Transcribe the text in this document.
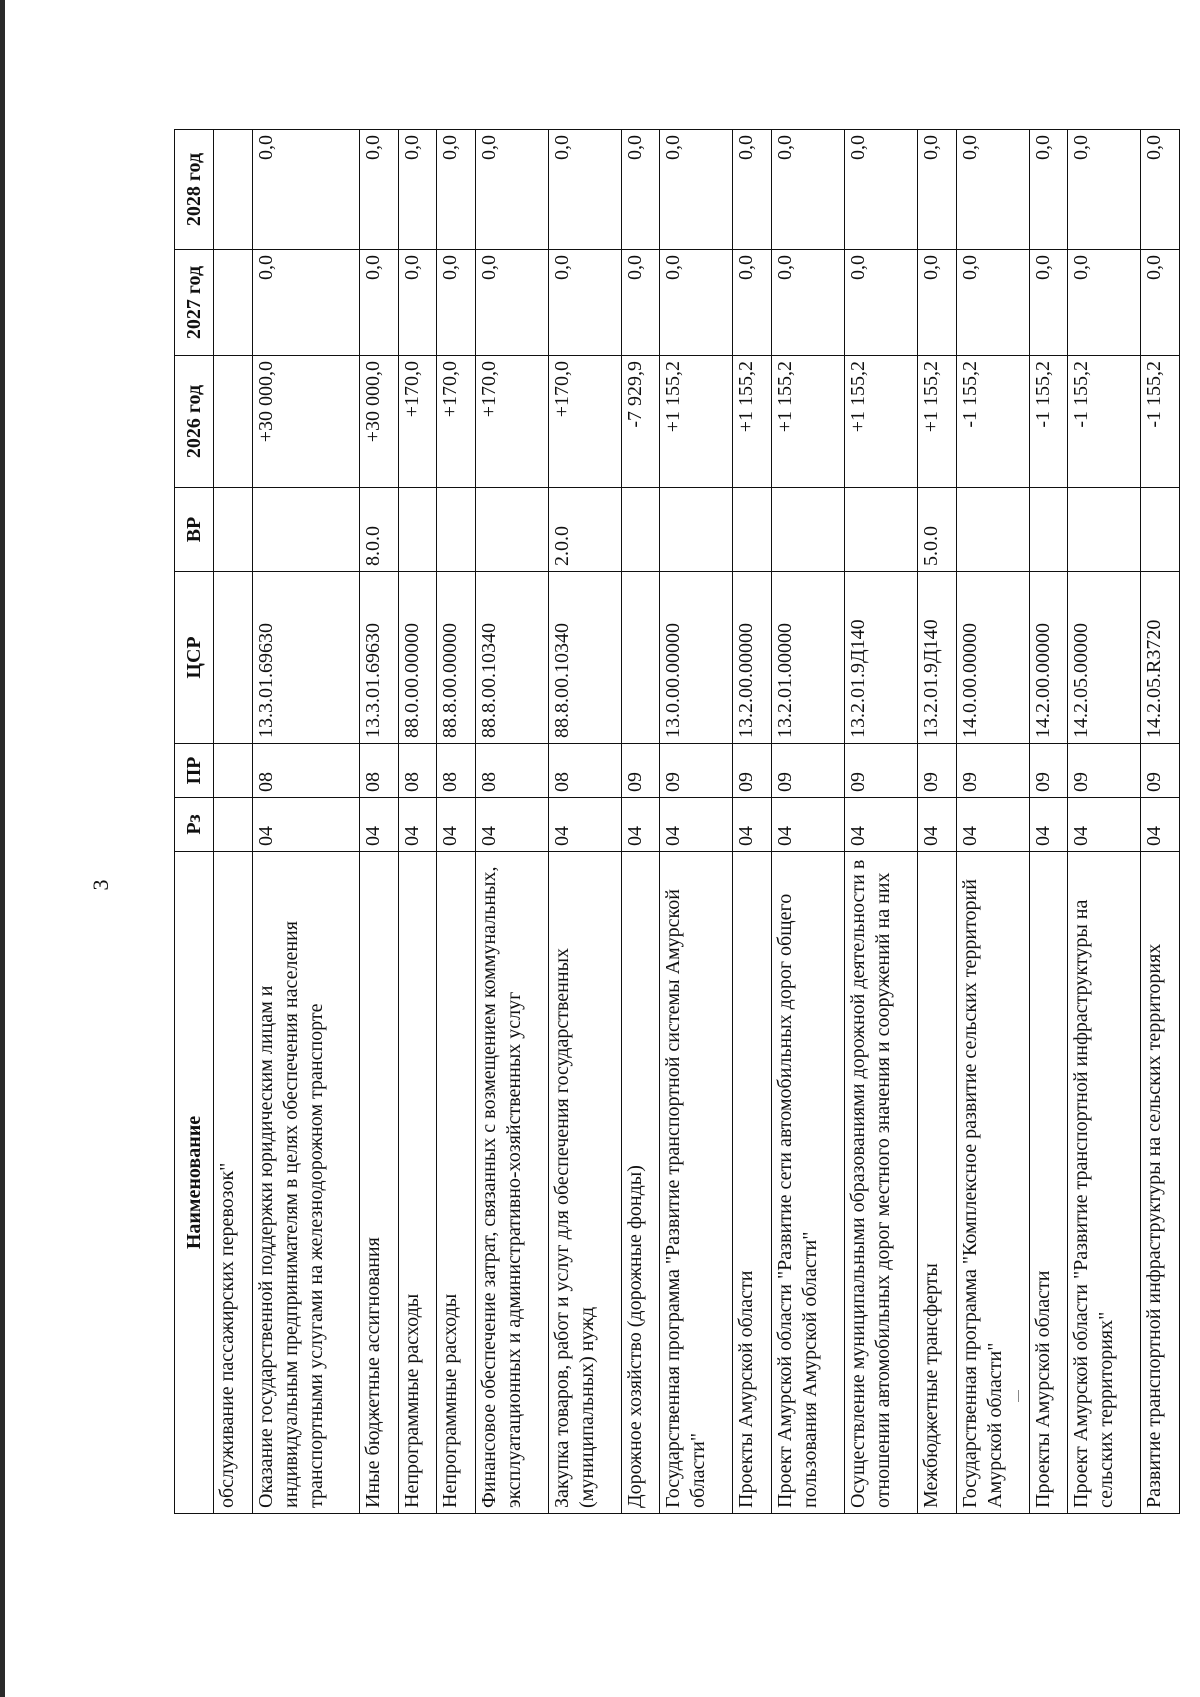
3
Наименование	Рз	ПР	ЦСР	ВР	2026 год	2027 год	2028 год
обслуживание пассажирских перевозок"							
Оказание государственной поддержки юридическим лицам и индивидуальным предпринимателям в целях обеспечения населения транспортными услугами на железнодорожном транспорте	04	08	13.3.01.69630		+30 000,0	0,0	0,0
Иные бюджетные ассигнования	04	08	13.3.01.69630	8.0.0	+30 000,0	0,0	0,0
Непрограммные расходы	04	08	88.0.00.00000		+170,0	0,0	0,0
Непрограммные расходы	04	08	88.8.00.00000		+170,0	0,0	0,0
Финансовое обеспечение затрат, связанных с возмещением коммунальных, эксплуатационных и административно-хозяйственных услуг	04	08	88.8.00.10340		+170,0	0,0	0,0
Закупка товаров, работ и услуг для обеспечения государственных (муниципальных) нужд	04	08	88.8.00.10340	2.0.0	+170,0	0,0	0,0
Дорожное хозяйство (дорожные фонды)	04	09			-7 929,9	0,0	0,0
Государственная программа "Развитие транспортной системы Амурской области"	04	09	13.0.00.00000		+1 155,2	0,0	0,0
Проекты Амурской области	04	09	13.2.00.00000		+1 155,2	0,0	0,0
Проект Амурской области "Развитие сети автомобильных дорог общего пользования Амурской области"	04	09	13.2.01.00000		+1 155,2	0,0	0,0
Осуществление муниципальными образованиями дорожной деятельности в отношении автомобильных дорог местного значения и сооружений на них	04	09	13.2.01.9Д140		+1 155,2	0,0	0,0
Межбюджетные трансферты	04	09	13.2.01.9Д140	5.0.0	+1 155,2	0,0	0,0
Государственная программа "Комплексное развитие сельских территорий Амурской области"	04	09	14.0.00.00000		-1 155,2	0,0	0,0
Проекты Амурской области	04	09	14.2.00.00000		-1 155,2	0,0	0,0
Проект Амурской области "Развитие транспортной инфраструктуры на сельских территориях"	04	09	14.2.05.00000		-1 155,2	0,0	0,0
Развитие транспортной инфраструктуры на сельских территориях	04	09	14.2.05.R3720		-1 155,2	0,0	0,0
